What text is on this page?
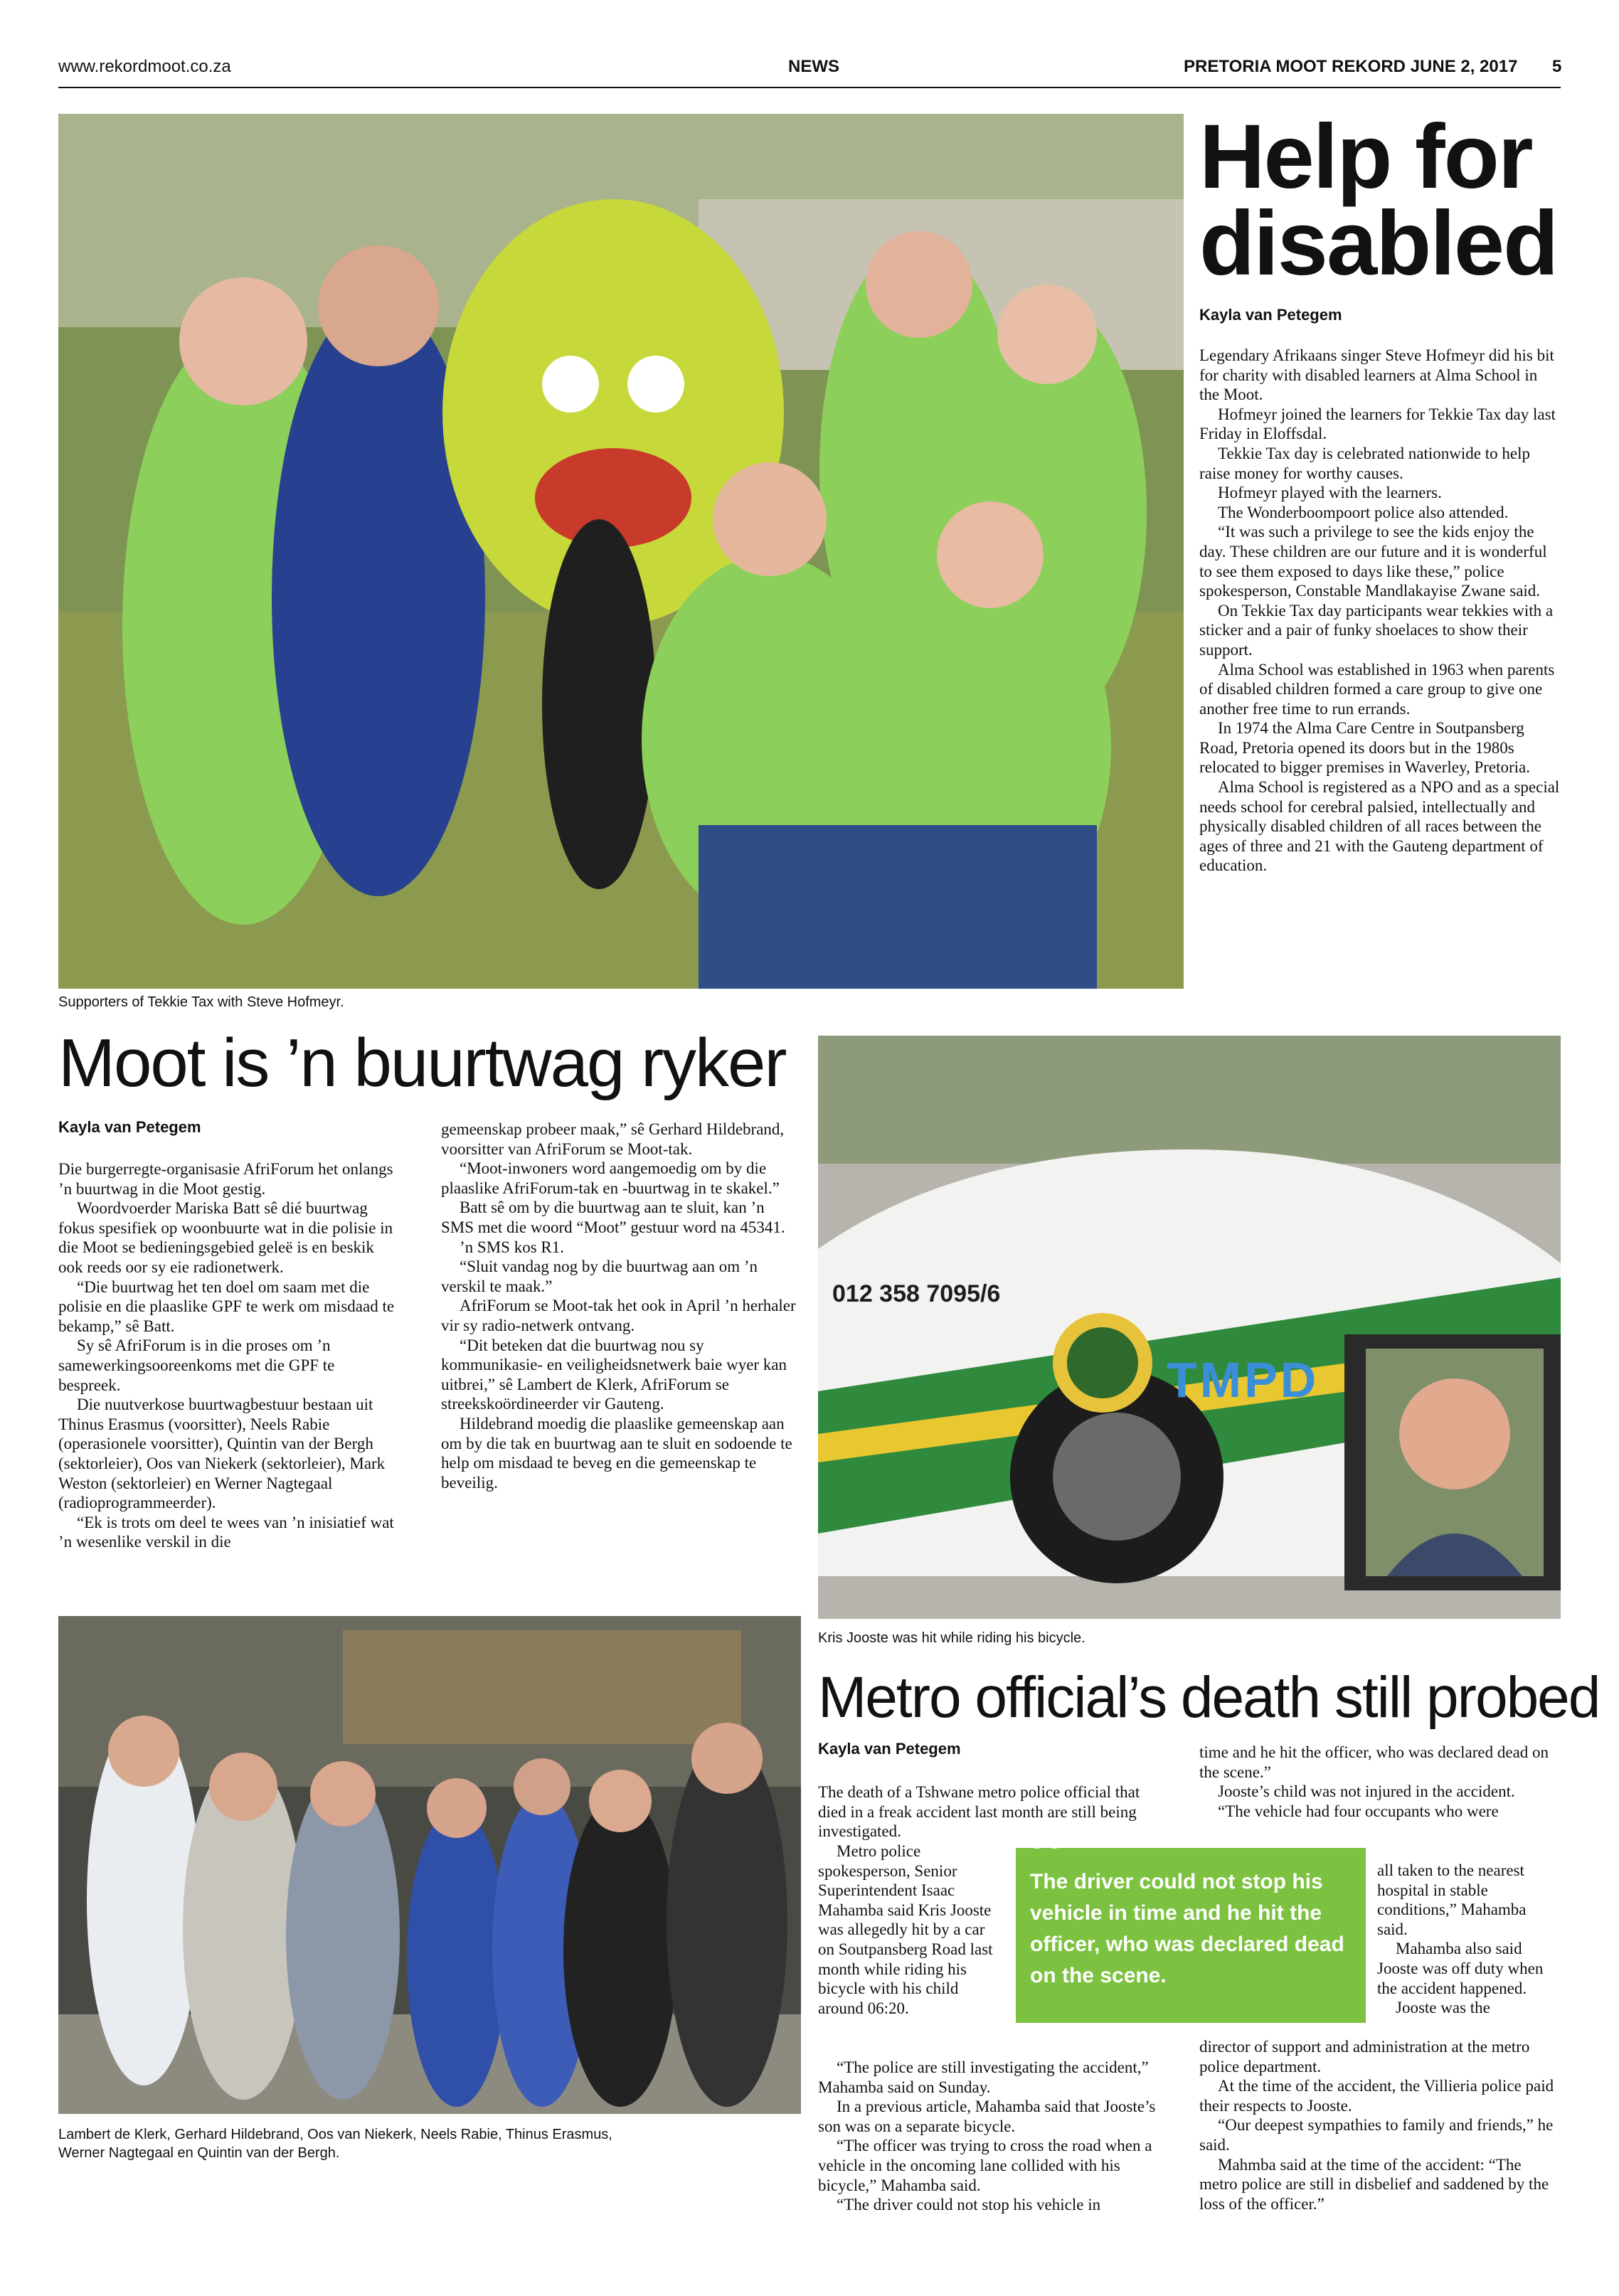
www.rekordmoot.co.za	NEWS	PRETORIA MOOT REKORD JUNE 2, 2017 5
Supporters of Tekkie Tax with Steve Hofmeyr.
Help for
disabled
Kayla van Petegem

Legendary Afrikaans singer Steve Hofmeyr did his bit for charity with disabled learners at Alma School in the Moot.

Hofmeyr joined the learners for Tekkie Tax day last Friday in Eloffsdal.

Tekkie Tax day is celebrated nationwide to help raise money for worthy causes.

Hofmeyr played with the learners.

The Wonderboompoort police also attended.

“It was such a privilege to see the kids enjoy the day. These children are our future and it is wonderful to see them exposed to days like these,” police spokesperson, Constable Mandlakayise Zwane said.

On Tekkie Tax day participants wear tekkies with a sticker and a pair of funky shoelaces to show their support.

Alma School was established in 1963 when parents of disabled children formed a care group to give one another free time to run errands.

In 1974 the Alma Care Centre in Soutpansberg Road, Pretoria opened its doors but in the 1980s relocated to bigger premises in Waverley, Pretoria.

Alma School is registered as a NPO and as a special needs school for cerebral palsied, intellectually and physically disabled children of all races between the ages of three and 21 with the Gauteng department of education.

Moot is ’n buurtwag ryker
Kayla van Petegem

Die burgerregte-organisasie AfriForum het onlangs ’n buurtwag in die Moot gestig.

Woordvoerder Mariska Batt sê dié buurtwag fokus spesifiek op woonbuurte wat in die polisie in die Moot se bedieningsgebied geleë is en beskik ook reeds oor sy eie radionetwerk.

“Die buurtwag het ten doel om saam met die polisie en die plaaslike GPF te werk om misdaad te bekamp,” sê Batt.

Sy sê AfriForum is in die proses om ’n samewerkingsooreenkoms met die GPF te bespreek.

Die nuutverkose buurtwagbestuur bestaan uit Thinus Erasmus (voorsitter), Neels Rabie (operasionele voorsitter), Quintin van der Bergh (sektorleier), Oos van Niekerk (sektorleier), Mark Weston (sektorleier) en Werner Nagtegaal (radioprogrammeerder).

“Ek is trots om deel te wees van ’n inisiatief wat ’n wesenlike verskil in die

gemeenskap probeer maak,” sê Gerhard Hildebrand, voorsitter van AfriForum se Moot-tak.

“Moot-inwoners word aangemoedig om by die plaaslike AfriForum-tak en -buurtwag in te skakel.”

Batt sê om by die buurtwag aan te sluit, kan ’n SMS met die woord “Moot” gestuur word na 45341.

’n SMS kos R1.

“Sluit vandag nog by die buurtwag aan om ’n verskil te maak.”

AfriForum se Moot-tak het ook in April ’n herhaler vir sy radio-netwerk ontvang.

“Dit beteken dat die buurtwag nou sy kommunikasie- en veiligheidsnetwerk baie wyer kan uitbrei,” sê Lambert de Klerk, AfriForum se streekskoördineerder vir Gauteng.

Hildebrand moedig die plaaslike gemeenskap aan om by die tak en buurtwag aan te sluit en sodoende te help om misdaad te beveg en die gemeenskap te beveilig.

Lambert de Klerk, Gerhard Hildebrand, Oos van Niekerk, Neels Rabie, Thinus Erasmus,
Werner Nagtegaal en Quintin van der Bergh.
012 358 7095/6
TMPD
Kris Jooste was hit while riding his bicycle.
Metro official’s death still probed
Kayla van Petegem

The death of a Tshwane metro police official that died in a freak accident last month are still being investigated.

Metro police spokesperson, Senior Superintendent Isaac Mahamba said Kris Jooste was allegedly hit by a car on Soutpansberg Road last month while riding his bicycle with his child around 06:20.

“The police are still investigating the accident,” Mahamba said on Sunday.

In a previous article, Mahamba said that Jooste’s son was on a separate bicycle.

“The officer was trying to cross the road when a vehicle in the oncoming lane collided with his bicycle,” Mahamba said.

“The driver could not stop his vehicle in

time and he hit the officer, who was declared dead on the scene.”

Jooste’s child was not injured in the accident.

“The vehicle had four occupants who were

all taken to the nearest hospital in stable conditions,” Mahamba said.

Mahamba also said Jooste was off duty when the accident happened.

Jooste was the

director of support and administration at the metro police department.

At the time of the accident, the Villieria police paid their respects to Jooste.

“Our deepest sympathies to family and friends,” he said.

Mahmba said at the time of the accident: “The metro police are still in disbelief and saddened by the loss of the officer.”

“
The driver could not stop his vehicle in time and he hit the officer, who was declared dead on the scene.
